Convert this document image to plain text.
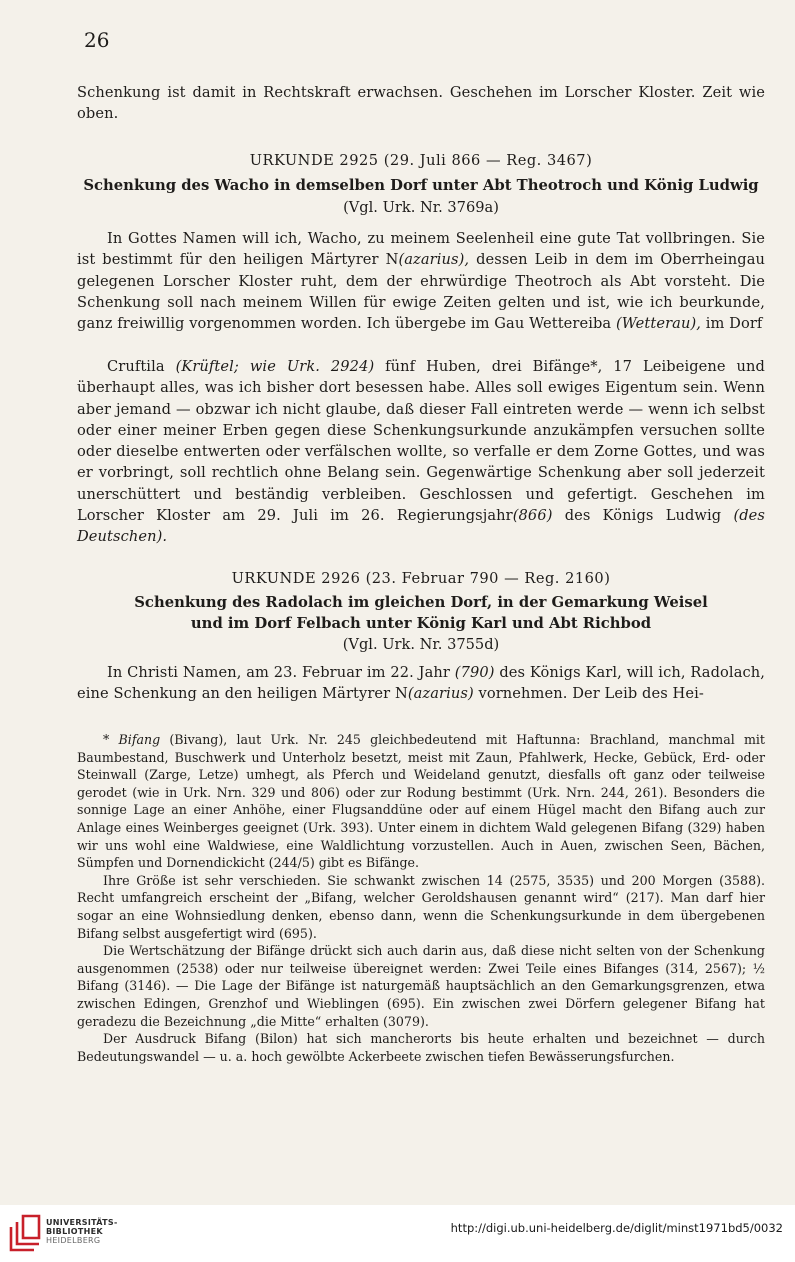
26
Schenkung ist damit in Rechtskraft erwachsen. Geschehen im Lorscher Kloster. Zeit wie oben.
URKUNDE 2925 (29. Juli 866 — Reg. 3467)
Schenkung des Wacho in demselben Dorf unter Abt Theotroch und König Ludwig
(Vgl. Urk. Nr. 3769a)
In Gottes Namen will ich, Wacho, zu meinem Seelenheil eine gute Tat vollbringen. Sie ist bestimmt für den heiligen Märtyrer N(azarius), dessen Leib in dem im Oberrheingau gelegenen Lorscher Kloster ruht, dem der ehrwürdige Theotroch als Abt vorsteht. Die Schenkung soll nach meinem Willen für ewige Zeiten gelten und ist, wie ich beurkunde, ganz freiwillig vorgenommen worden. Ich übergebe im Gau Wettereiba (Wetterau), im Dorf
Cruftila (Krüftel; wie Urk. 2924) fünf Huben, drei Bifänge*, 17 Leibeigene und überhaupt alles, was ich bisher dort besessen habe. Alles soll ewiges Eigentum sein. Wenn aber jemand — obzwar ich nicht glaube, daß dieser Fall eintreten werde — wenn ich selbst oder einer meiner Erben gegen diese Schenkungsurkunde anzukämpfen versuchen sollte oder dieselbe entwerten oder verfälschen wollte, so verfalle er dem Zorne Gottes, und was er vorbringt, soll rechtlich ohne Belang sein. Gegenwärtige Schenkung aber soll jederzeit unerschüttert und beständig verbleiben. Geschlossen und gefertigt. Geschehen im Lorscher Kloster am 29. Juli im 26. Regierungsjahr(866) des Königs Ludwig (des Deutschen).
URKUNDE 2926 (23. Februar 790 — Reg. 2160)
Schenkung des Radolach im gleichen Dorf, in der Gemarkung Weisel
und im Dorf Felbach unter König Karl und Abt Richbod
(Vgl. Urk. Nr. 3755d)
In Christi Namen, am 23. Februar im 22. Jahr (790) des Königs Karl, will ich, Radolach, eine Schenkung an den heiligen Märtyrer N(azarius) vornehmen. Der Leib des Hei-

* Bifang (Bivang), laut Urk. Nr. 245 gleichbedeutend mit Haftunna: Brachland, manchmal mit Baumbestand, Buschwerk und Unterholz besetzt, meist mit Zaun, Pfahlwerk, Hecke, Gebück, Erd- oder Steinwall (Zarge, Letze) umhegt, als Pferch und Weideland genutzt, diesfalls oft ganz oder teilweise gerodet (wie in Urk. Nrn. 329 und 806) oder zur Rodung bestimmt (Urk. Nrn. 244, 261). Besonders die sonnige Lage an einer Anhöhe, einer Flugsanddüne oder auf einem Hügel macht den Bifang auch zur Anlage eines Weinberges geeignet (Urk. 393). Unter einem in dichtem Wald gelegenen Bifang (329) haben wir uns wohl eine Waldwiese, eine Waldlichtung vorzustellen. Auch in Auen, zwischen Seen, Bächen, Sümpfen und Dornendickicht (244/5) gibt es Bifänge.

Ihre Größe ist sehr verschieden. Sie schwankt zwischen 14 (2575, 3535) und 200 Morgen (3588). Recht umfangreich erscheint der „Bifang, welcher Geroldshausen genannt wird“ (217). Man darf hier sogar an eine Wohnsiedlung denken, ebenso dann, wenn die Schenkungsurkunde in dem übergebenen Bifang selbst ausgefertigt wird (695).

Die Wertschätzung der Bifänge drückt sich auch darin aus, daß diese nicht selten von der Schenkung ausgenommen (2538) oder nur teilweise übereignet werden: Zwei Teile eines Bifanges (314, 2567); ½ Bifang (3146). — Die Lage der Bifänge ist naturgemäß hauptsächlich an den Gemarkungsgrenzen, etwa zwischen Edingen, Grenzhof und Wieblingen (695). Ein zwischen zwei Dörfern gelegener Bifang hat geradezu die Bezeichnung „die Mitte“ erhalten (3079).

Der Ausdruck Bifang (Bilon) hat sich mancherorts bis heute erhalten und bezeichnet — durch Bedeutungswandel — u. a. hoch gewölbte Ackerbeete zwischen tiefen Bewässerungsfurchen.

UNIVERSITÄTS-
BIBLIOTHEK
HEIDELBERG
http://digi.ub.uni-heidelberg.de/diglit/minst1971bd5/0032
